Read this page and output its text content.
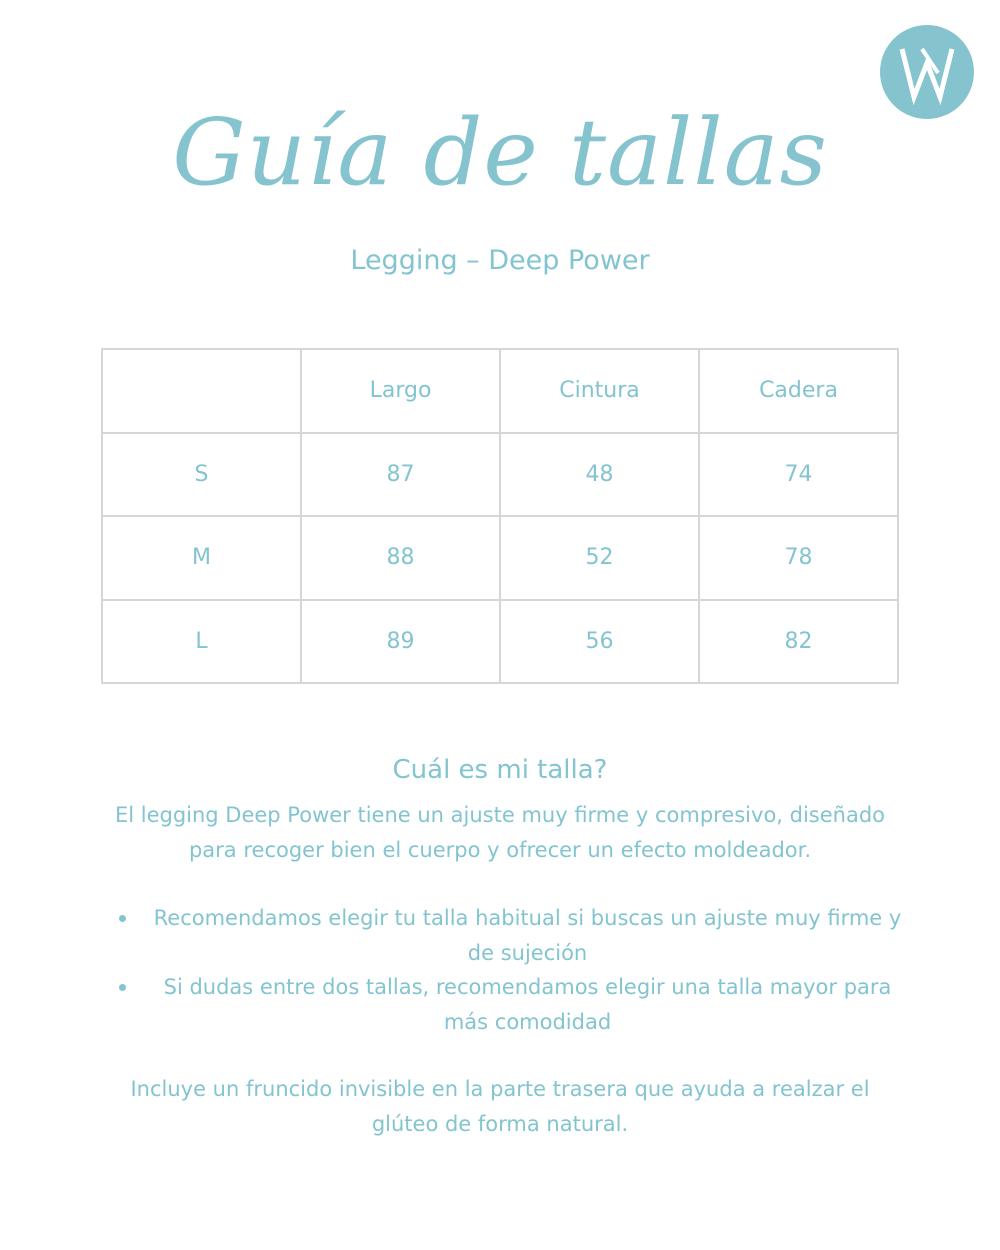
Guía de tallas
Legging – Deep Power
	Largo	Cintura	Cadera
S	87	48	74
M	88	52	78
L	89	56	82
Cuál es mi talla?
El legging Deep Power tiene un ajuste muy firme y compresivo, diseñado para recoger bien el cuerpo y ofrecer un efecto moldeador.
Recomendamos elegir tu talla habitual si buscas un ajuste muy firme y de sujeción
Si dudas entre dos tallas, recomendamos elegir una talla mayor para más comodidad
Incluye un fruncido invisible en la parte trasera que ayuda a realzar el glúteo de forma natural.
